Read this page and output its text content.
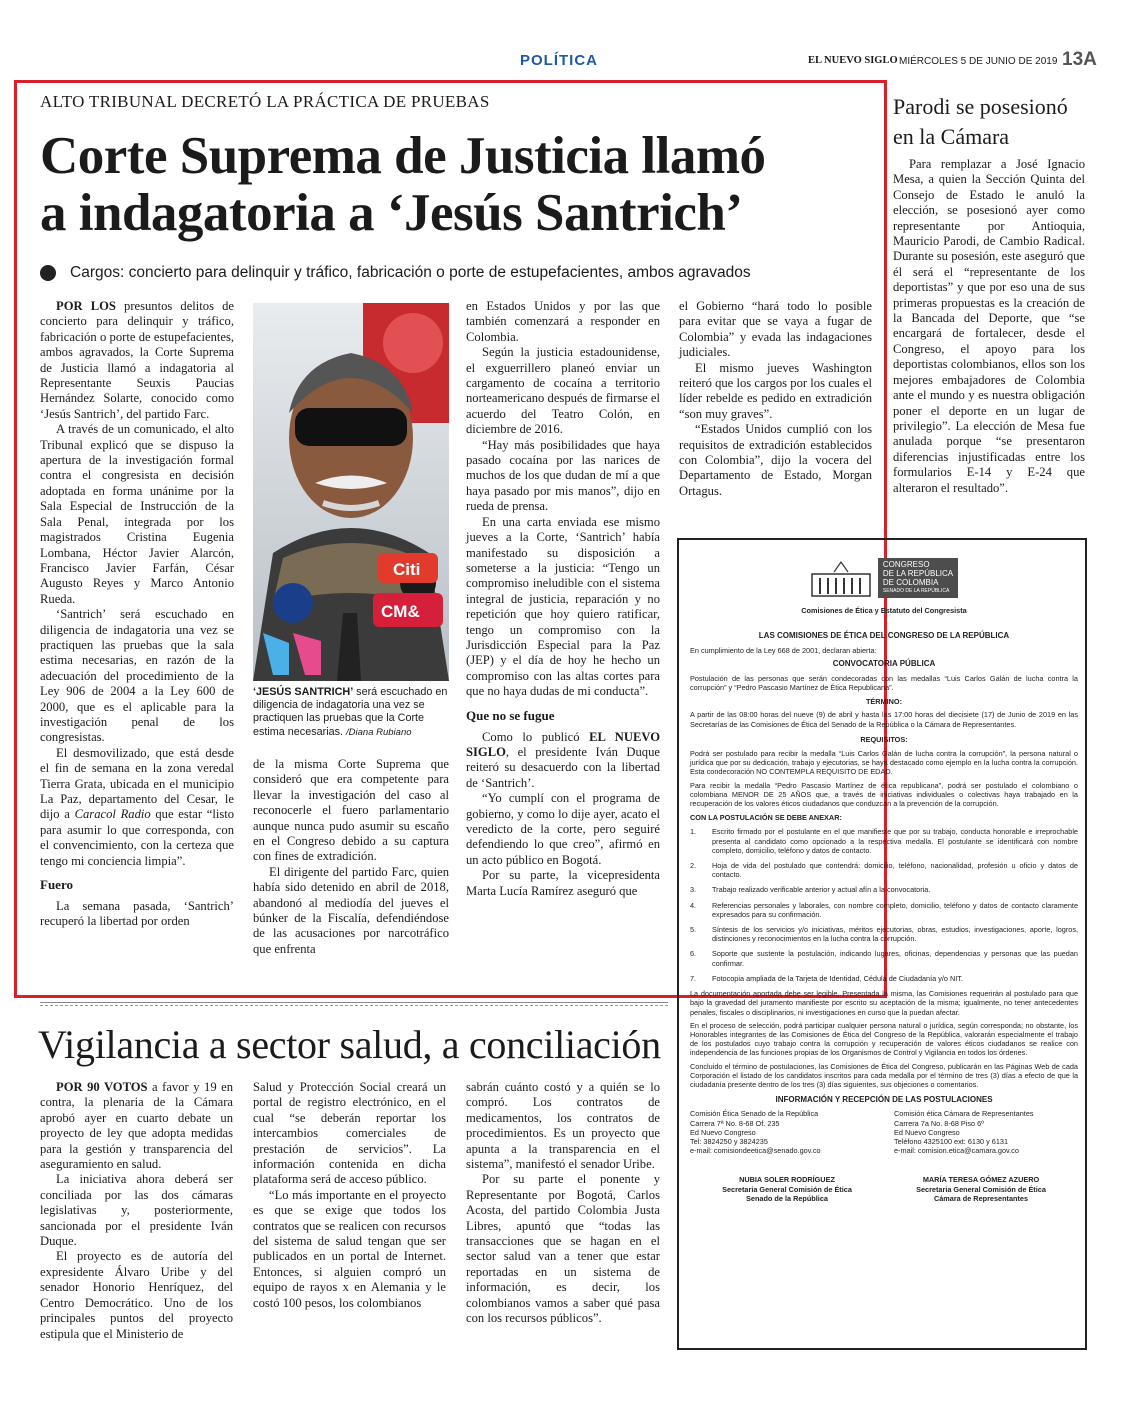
POLÍTICA	EL NUEVO SIGLO MIÉRCOLES 5 DE JUNIO DE 2019 13A
ALTO TRIBUNAL DECRETÓ LA PRÁCTICA DE PRUEBAS
Corte Suprema de Justicia llamó
a indagatoria a ‘Jesús Santrich’
Cargos: concierto para delinquir y tráfico, fabricación o porte de estupefacientes, ambos agravados

POR LOS presuntos delitos de concierto para delinquir y tráfico, fabricación o porte de estupefacientes, ambos agravados, la Corte Suprema de Justicia llamó a indagatoria al Representante Seuxis Paucias Hernández Solarte, conocido como ‘Jesús Santrich’, del partido Farc.

A través de un comunicado, el alto Tribunal explicó que se dispuso la apertura de la investigación formal contra el congresista en decisión adoptada en forma unánime por la Sala Especial de Instrucción de la Sala Penal, integrada por los magistrados Cristina Eugenia Lombana, Héctor Javier Alarcón, Francisco Javier Farfán, César Augusto Reyes y Marco Antonio Rueda.

‘Santrich’ será escuchado en diligencia de indagatoria una vez se practiquen las pruebas que la sala estima necesarias, en razón de la adecuación del procedimiento de la Ley 906 de 2004 a la Ley 600 de 2000, que es el aplicable para la investigación penal de los congresistas.

El desmovilizado, que está desde el fin de semana en la zona veredal Tierra Grata, ubicada en el municipio La Paz, departamento del Cesar, le dijo a Caracol Radio que estar “listo para asumir lo que corresponda, con el convencimiento, con la certeza que tengo mi conciencia limpia”.

Fuero

La semana pasada, ‘Santrich’ recuperó la libertad por orden

Citi
CM&
‘JESÚS SANTRICH’ será escuchado en diligencia de indagatoria una vez se practiquen las pruebas que la Corte estima necesarias. /Diana Rubiano

de la misma Corte Suprema que consideró que era competente para llevar la investigación del caso al reconocerle el fuero parlamentario aunque nunca pudo asumir su escaño en el Congreso debido a su captura con fines de extradición.

El dirigente del partido Farc, quien había sido detenido en abril de 2018, abandonó al mediodía del jueves el búnker de la Fiscalía, defendiéndose de las acusaciones por narcotráfico que enfrenta

en Estados Unidos y por las que también comenzará a responder en Colombia.

Según la justicia estadounidense, el exguerrillero planeó enviar un cargamento de cocaína a territorio norteamericano después de firmarse el acuerdo del Teatro Colón, en diciembre de 2016.

“Hay más posibilidades que haya pasado cocaína por las narices de muchos de los que dudan de mí a que haya pasado por mis manos”, dijo en rueda de prensa.

En una carta enviada ese mismo jueves a la Corte, ‘Santrich’ había manifestado su disposición a someterse a la justicia: “Tengo un compromiso ineludible con el sistema integral de justicia, reparación y no repetición que hoy quiero ratificar, tengo un compromiso con la Jurisdicción Especial para la Paz (JEP) y el día de hoy he hecho un compromiso con las altas cortes para que no haya dudas de mi conducta”.

Que no se fugue

Como lo publicó EL NUEVO SIGLO, el presidente Iván Duque reiteró su desacuerdo con la libertad de ‘Santrich’.

“Yo cumplí con el programa de gobierno, y como lo dije ayer, acato el veredicto de la corte, pero seguiré defendiendo lo que creo”, afirmó en un acto público en Bogotá.

Por su parte, la vicepresidenta Marta Lucía Ramírez aseguró que

el Gobierno “hará todo lo posible para evitar que se vaya a fugar de Colombia” y evada las indagaciones judiciales.

El mismo jueves Washington reiteró que los cargos por los cuales el líder rebelde es pedido en extradición “son muy graves”.

“Estados Unidos cumplió con los requisitos de extradición establecidos con Colombia”, dijo la vocera del Departamento de Estado, Morgan Ortagus.

Parodi se posesionó
en la Cámara

Para remplazar a José Ignacio Mesa, a quien la Sección Quinta del Consejo de Estado le anuló la elección, se posesionó ayer como representante por Antioquia, Mauricio Parodi, de Cambio Radical. Durante su posesión, este aseguró que él será el “representante de los deportistas” y que por eso una de sus primeras propuestas es la creación de la Bancada del Deporte, que “se encargará de fortalecer, desde el Congreso, el apoyo para los deportistas colombianos, ellos son los mejores embajadores de Colombia ante el mundo y es nuestra obligación poner el deporte en un lugar de privilegio”. La elección de Mesa fue anulada porque “se presentaron diferencias injustificadas entre los formularios E-14 y E-24 que alteraron el resultado”.

Vigilancia a sector salud, a conciliación

POR 90 VOTOS a favor y 19 en contra, la plenaria de la Cámara aprobó ayer en cuarto debate un proyecto de ley que adopta medidas para la gestión y transparencia del aseguramiento en salud.

La iniciativa ahora deberá ser conciliada por las dos cámaras legislativas y, posteriormente, sancionada por el presidente Iván Duque.

El proyecto es de autoría del expresidente Álvaro Uribe y del senador Honorio Henríquez, del Centro Democrático. Uno de los principales puntos del proyecto estipula que el Ministerio de

Salud y Protección Social creará un portal de registro electrónico, en el cual “se deberán reportar los intercambios comerciales de prestación de servicios”. La información contenida en dicha plataforma será de acceso público.

“Lo más importante en el proyecto es que se exige que todos los contratos que se realicen con recursos del sistema de salud tengan que ser publicados en un portal de Internet. Entonces, si alguien compró un equipo de rayos x en Alemania y le costó 100 pesos, los colombianos

sabrán cuánto costó y a quién se lo compró. Los contratos de medicamentos, los contratos de procedimientos. Es un proyecto que apunta a la transparencia en el sistema”, manifestó el senador Uribe.

Por su parte el ponente y Representante por Bogotá, Carlos Acosta, del partido Colombia Justa Libres, apuntó que “todas las transacciones que se hagan en el sector salud van a tener que estar reportadas en un sistema de información, es decir, los colombianos vamos a saber qué pasa con los recursos públicos”.

CONGRESO
DE LA REPÚBLICA
DE COLOMBIA
SENADO DE LA REPÚBLICA
Comisiones de Ética y Estatuto del Congresista
LAS COMISIONES DE ÉTICA DEL CONGRESO DE LA REPÚBLICA

En cumplimiento de la Ley 668 de 2001, declaran abierta:

CONVOCATORIA PÚBLICA

Postulación de las personas que serán condecoradas con las medallas “Luis Carlos Galán de lucha contra la corrupción” y “Pedro Pascasio Martínez de Ética Republicana”.

TÉRMINO:

A partir de las 08:00 horas del nueve (9) de abril y hasta las 17:00 horas del diecisiete (17) de Junio de 2019 en las Secretarías de las Comisiones de Ética del Senado de la República o la Cámara de Representantes.

REQUISITOS:

Podrá ser postulado para recibir la medalla “Luis Carlos Galán de lucha contra la corrupción”, la persona natural o jurídica que por su dedicación, trabajo y ejecutorias, se haya destacado como ejemplo en la lucha contra la corrupción. Esta condecoración NO CONTEMPLA REQUISITO DE EDAD.

Para recibir la medalla “Pedro Pascasio Martínez de ética republicana”, podrá ser postulado el colombiano o colombiana MENOR DE 25 AÑOS que, a través de iniciativas individuales o colectivas haya trabajado en la recuperación de los valores éticos ciudadanos que conduzcan a la prevención de la corrupción.

CON LA POSTULACIÓN SE DEBE ANEXAR:
1.	Escrito firmado por el postulante en el que manifieste que por su trabajo, conducta honorable e irreprochable presenta al candidato como opcionado a la respectiva medalla. El postulante se identificará con nombre completo, domicilio, teléfono y datos de contacto.
2.	Hoja de vida del postulado que contendrá: domicilio, teléfono, nacionalidad, profesión u oficio y datos de contacto.
3.	Trabajo realizado verificable anterior y actual afín a la convocatoria.
4.	Referencias personales y laborales, con nombre completo, domicilio, teléfono y datos de contacto claramente expresados para su confirmación.
5.	Síntesis de los servicios y/o iniciativas, méritos ejecutorias, obras, estudios, investigaciones, aporte, logros, distinciones y reconocimientos en la lucha contra la corrupción.
6.	Soporte que sustente la postulación, indicando lugares, oficinas, dependencias y personas que las puedan confirmar.
7.	Fotocopia ampliada de la Tarjeta de Identidad, Cédula de Ciudadanía y/o NIT.

La documentación aportada debe ser legible, Presentada la misma, las Comisiones requerirán al postulado para que bajo la gravedad del juramento manifieste por escrito su aceptación de la misma; igualmente, no tener antecedentes penales, fiscales o disciplinarios, ni investigaciones en curso que la puedan afectar.

En el proceso de selección, podrá participar cualquier persona natural o jurídica, según corresponda; no obstante, los Honorables integrantes de las Comisiones de Ética del Congreso de la República, valorarán especialmente el trabajo de los postulados cuyo trabajo contra la corrupción y recuperación de valores éticos ciudadanos se realice con independencia de las funciones propias de los Organismos de Control y Vigilancia en todos los órdenes.

Concluido el término de postulaciones, las Comisiones de Ética del Congreso, publicarán en las Páginas Web de cada Corporación el listado de los candidatos inscritos para cada medalla por el término de tres (3) días a efecto de que la ciudadanía presente dentro de los tres (3) días siguientes, sus objeciones o comentarios.

INFORMACIÓN Y RECEPCIÓN DE LAS POSTULACIONES
Comisión Ética Senado de la República
Carrera 7ª No. 8-68 Of. 235
Ed Nuevo Congreso
Tel: 3824250 y 3824235
e-mail: comisiondeetica@senado.gov.co
Comisión ética Cámara de Representantes
Carrera 7a No. 8-68 Piso 6º
Ed Nuevo Congreso
Teléfono 4325100 ext: 6130 y 6131
e-mail: comision.etica@camara.gov.co
NUBIA SOLER RODRÍGUEZ
Secretaria General Comisión de Ética
Senado de la República
MARÍA TERESA GÓMEZ AZUERO
Secretaria General Comisión de Ética
Cámara de Representantes
